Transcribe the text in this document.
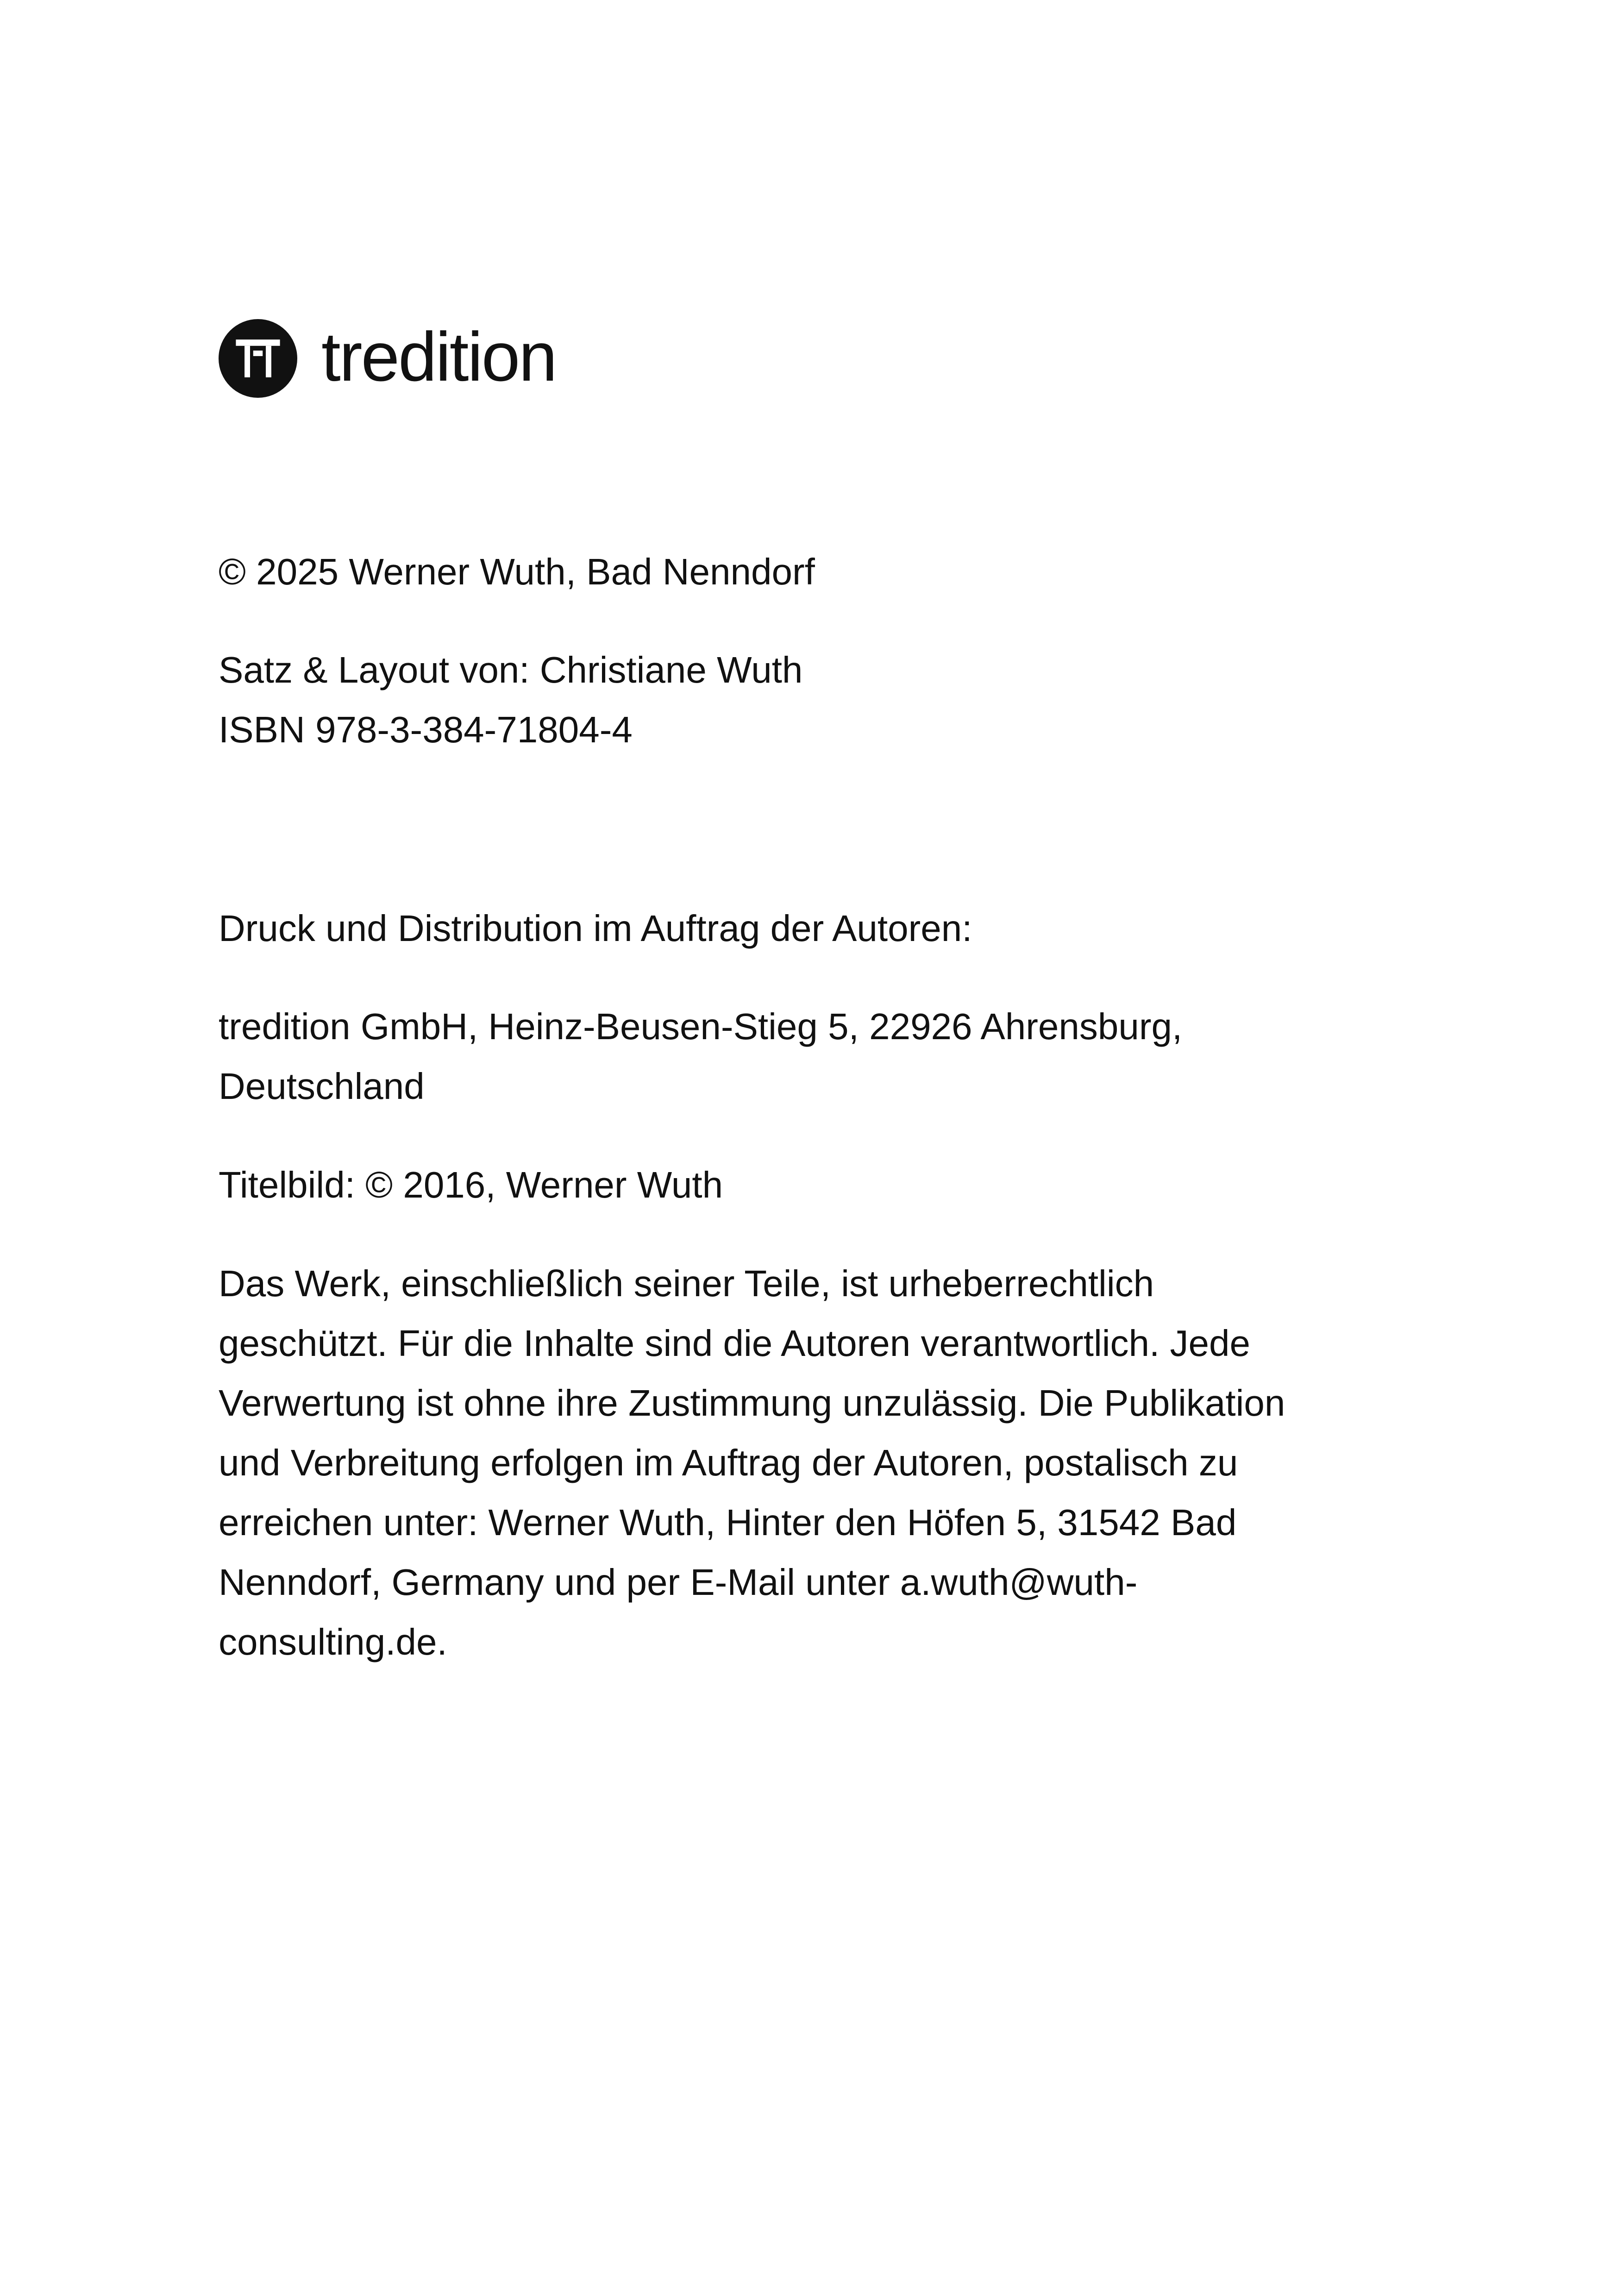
tredition

© 2025 Werner Wuth, Bad Nenndorf

Satz & Layout von: Christiane Wuth
ISBN 978-3-384-71804-4

Druck und Distribution im Auftrag der Autoren:

tredition GmbH, Heinz-Beusen-Stieg 5, 22926 Ahrensburg,
Deutschland

Titelbild: © 2016, Werner Wuth

Das Werk, einschließlich seiner Teile, ist urheberrechtlich
geschützt. Für die Inhalte sind die Autoren verantwortlich. Jede
Verwertung ist ohne ihre Zustimmung unzulässig. Die Publikation
und Verbreitung erfolgen im Auftrag der Autoren, postalisch zu
erreichen unter: Werner Wuth, Hinter den Höfen 5, 31542 Bad
Nenndorf, Germany und per E-Mail unter a.wuth@wuth-
consulting.de.
